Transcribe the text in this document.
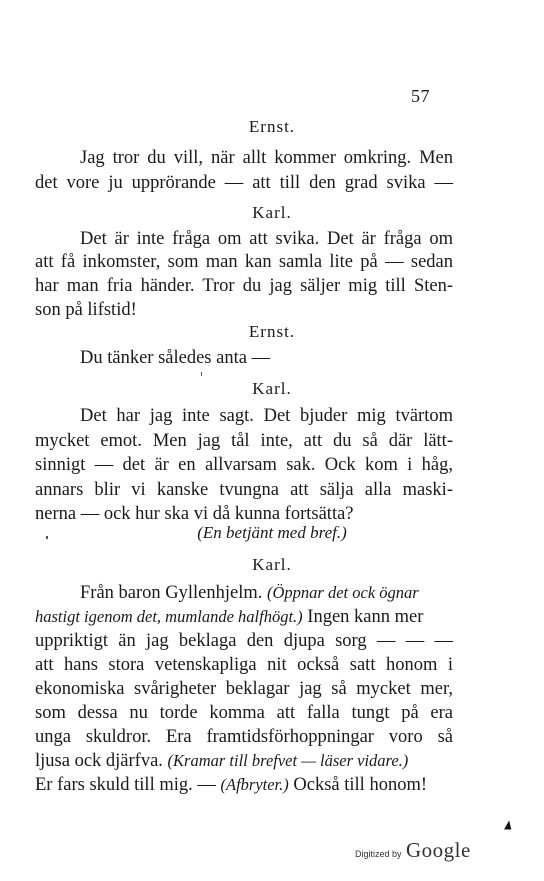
57
Ernst.
Jag tror du vill, när allt kommer omkring. Men
det vore ju upprörande — att till den grad svika —
Karl.
Det är inte fråga om att svika. Det är fråga om
att få inkomster, som man kan samla lite på — sedan
har man fria händer. Tror du jag säljer mig till Sten-
son på lifstid!
Ernst.
Du tänker således anta —
Karl.
Det har jag inte sagt. Det bjuder mig tvärtom
mycket emot. Men jag tål inte, att du så där lätt-
sinnigt — det är en allvarsam sak. Ock kom i håg,
annars blir vi kanske tvungna att sälja alla maski-
nerna — ock hur ska vi då kunna fortsätta?
(En betjänt med bref.)
Karl.
Från baron Gyllenhjelm. (Öppnar det ock ögnar
hastigt igenom det, mumlande halfhögt.) Ingen kann mer
uppriktigt än jag beklaga den djupa sorg — — —
att hans stora vetenskapliga nit också satt honom i
ekonomiska svårigheter beklagar jag så mycket mer,
som dessa nu torde komma att falla tungt på era
unga skuldror. Era framtidsförhoppningar voro så
ljusa ock djärfva. (Kramar till brefvet — läser vidare.)
Er fars skuld till mig. — (Afbryter.) Också till honom!
Digitized by Google
